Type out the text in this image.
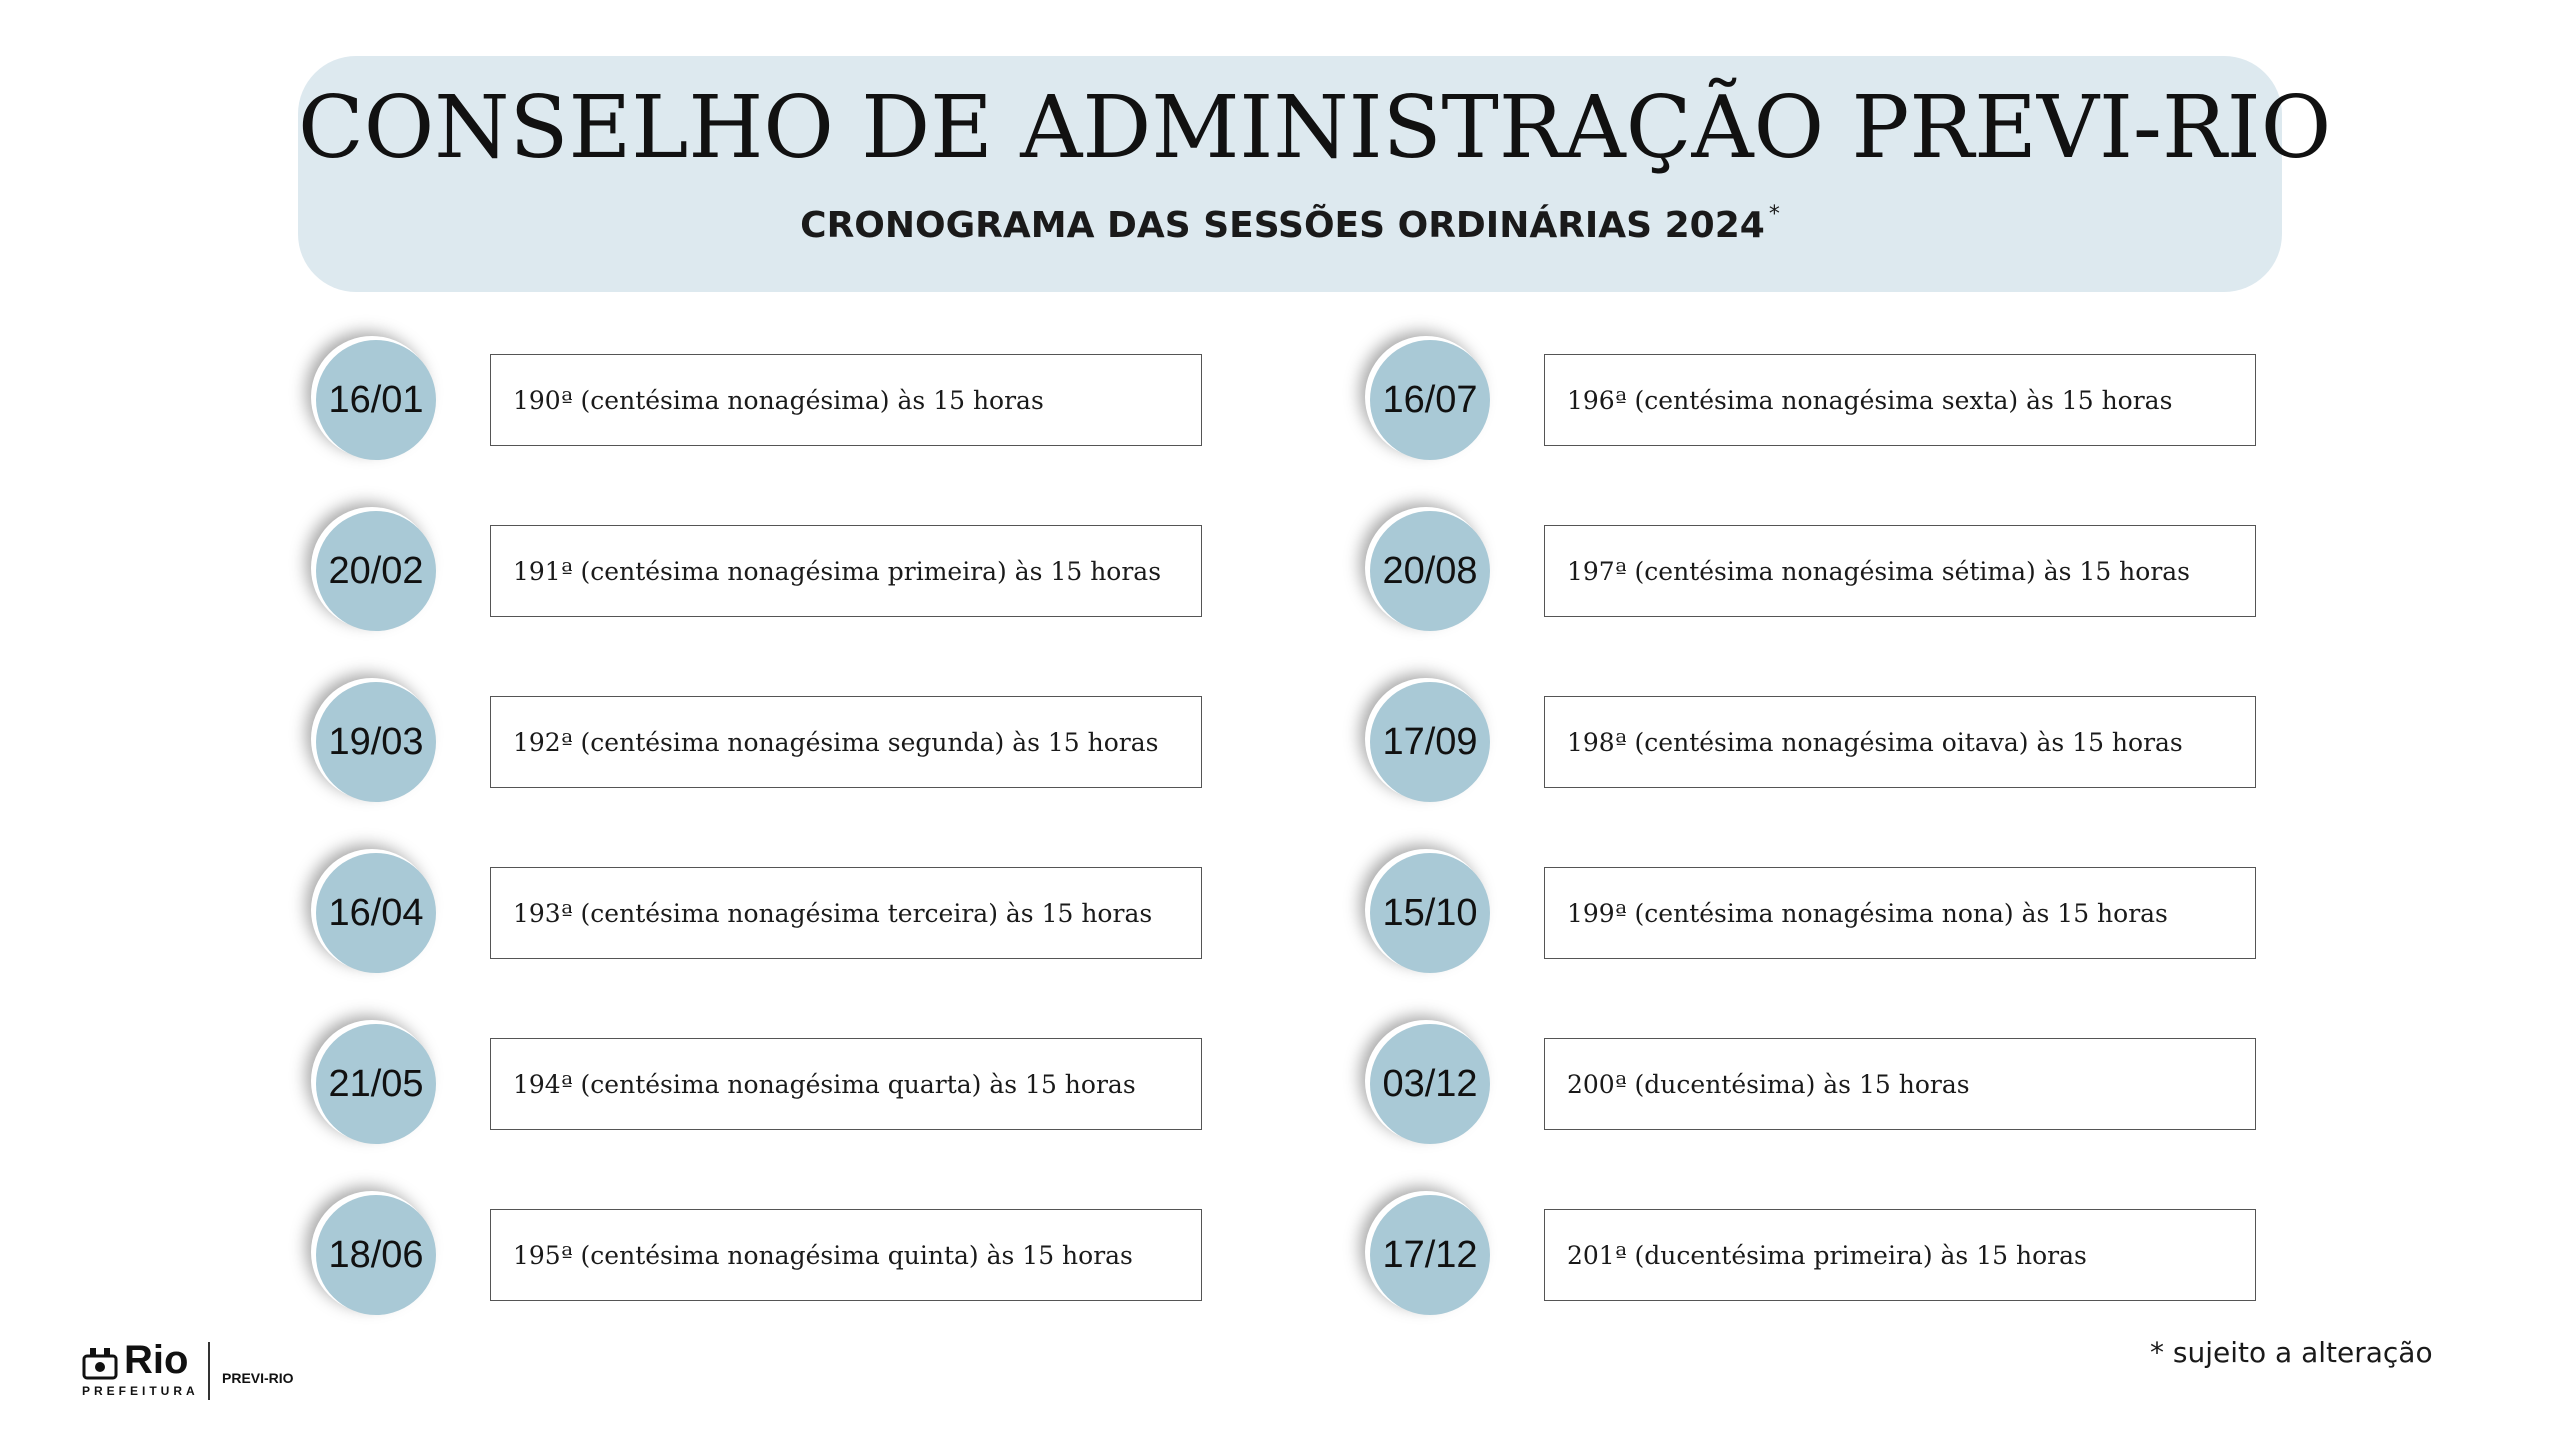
CONSELHO DE ADMINISTRAÇÃO PREVI-RIO
CRONOGRAMA DAS SESSÕES ORDINÁRIAS 2024 *
16/01	190ª (centésima nonagésima) às 15 horas
20/02	191ª (centésima nonagésima primeira) às 15 horas
19/03	192ª (centésima nonagésima segunda) às 15 horas
16/04	193ª (centésima nonagésima terceira) às 15 horas
21/05	194ª (centésima nonagésima quarta) às 15 horas
18/06	195ª (centésima nonagésima quinta) às 15 horas
16/07	196ª (centésima nonagésima sexta) às 15 horas
20/08	197ª (centésima nonagésima sétima) às 15 horas
17/09	198ª (centésima nonagésima oitava) às 15 horas
15/10	199ª (centésima nonagésima nona) às 15 horas
03/12	200ª (ducentésima) às 15 horas
17/12	201ª (ducentésima primeira) às 15 horas
* sujeito a alteração
Rio
PREFEITURA
PREVI-RIO
